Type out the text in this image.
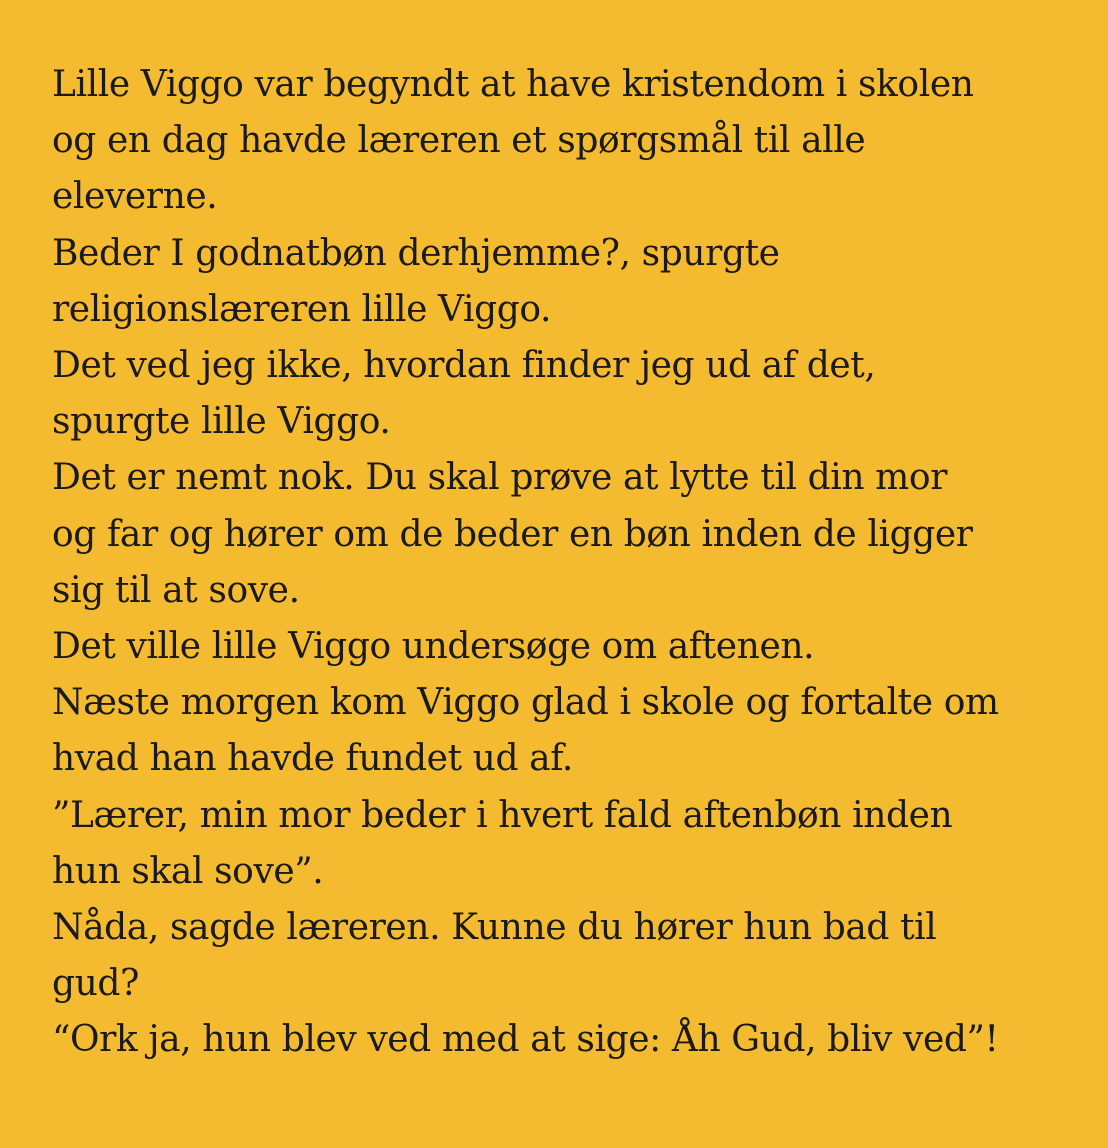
Lille Viggo var begyndt at have kristendom i skolen
og en dag havde læreren et spørgsmål til alle
eleverne.
Beder I godnatbøn derhjemme?, spurgte
religionslæreren lille Viggo.
Det ved jeg ikke, hvordan finder jeg ud af det,
spurgte lille Viggo.
Det er nemt nok. Du skal prøve at lytte til din mor
og far og hører om de beder en bøn inden de ligger
sig til at sove.
Det ville lille Viggo undersøge om aftenen.
Næste morgen kom Viggo glad i skole og fortalte om
hvad han havde fundet ud af.
”Lærer, min mor beder i hvert fald aftenbøn inden
hun skal sove”.
Nåda, sagde læreren. Kunne du hører hun bad til
gud?
“Ork ja, hun blev ved med at sige: Åh Gud, bliv ved”!
